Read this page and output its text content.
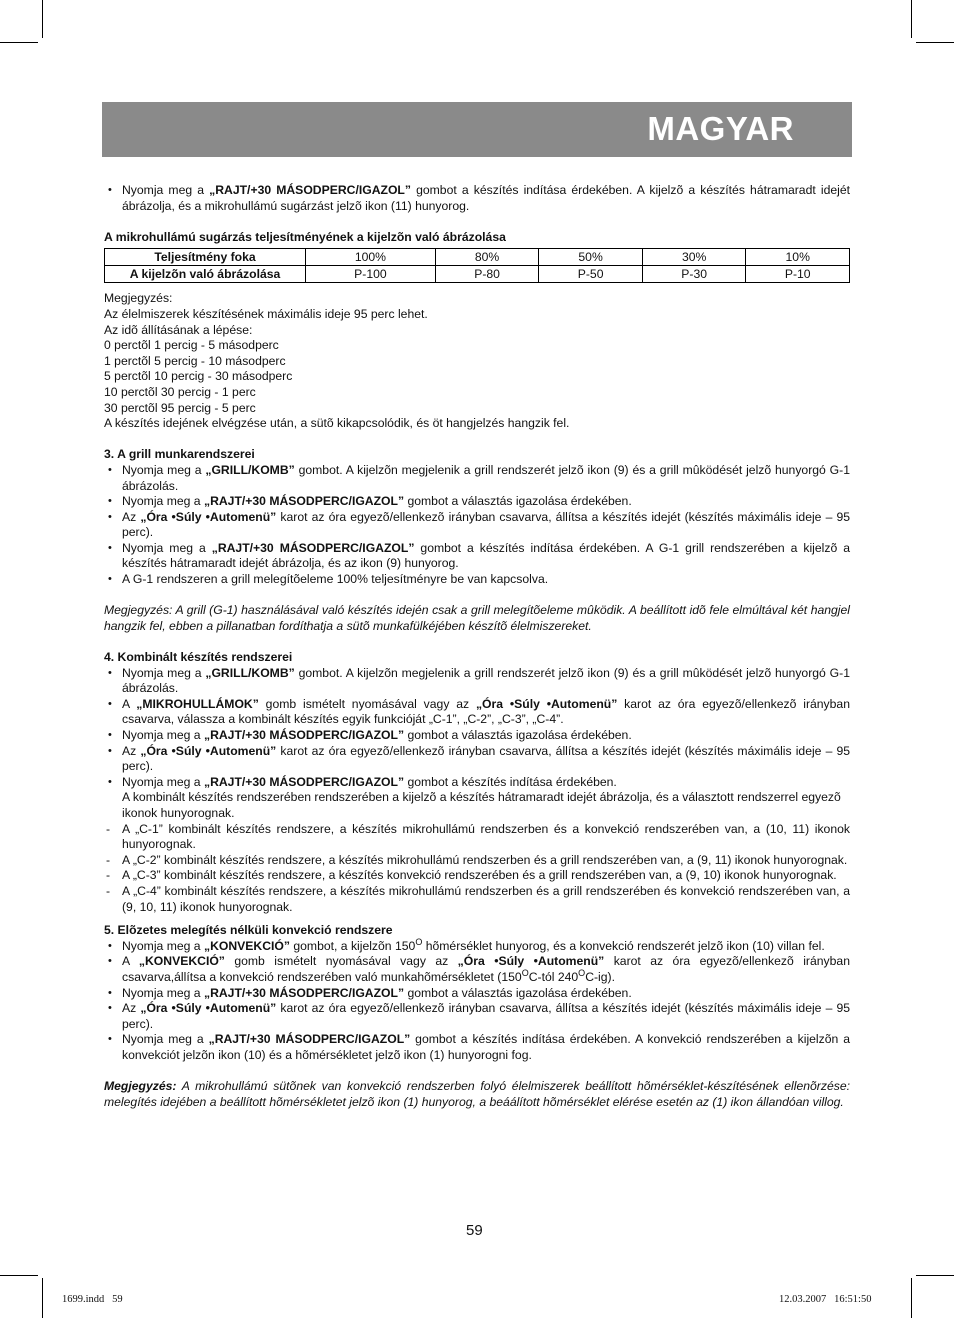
MAGYAR

• Nyomja meg a „RAJT/+30 MÁSODPERC/IGAZOL” gombot a készítés indítása érdekében. A kijelzõ a készítés hátramaradt idejét ábrázolja, és a mikrohullámú sugárzást jelzõ ikon (11) hunyorog.

A mikrohullámú sugárzás teljesítményének a kijelzõn való ábrázolása

Teljesítmény foka	100%	80%	50%	30%	10%
A kijelzõn való ábrázolása	P-100	P-80	P-50	P-30	P-10

Megjegyzés:

Az élelmiszerek készítésének máximális ideje 95 perc lehet.

Az idõ állításának a lépése:

0 perctõl 1 percig - 5 másodperc

1 perctõl 5 percig - 10 másodperc

5 perctõl 10 percig - 30 másodperc

10 perctõl 30 percig - 1 perc

30 perctõl 95 percig - 5 perc

A készítés idejének elvégzése után, a sütõ kikapcsolódik, és öt hangjelzés hangzik fel.

3. A grill munkarendszerei

• Nyomja meg a „GRILL/KOMB” gombot. A kijelzõn megjelenik a grill rendszerét jelzõ ikon (9) és a grill mûködését jelzõ hunyorgó G-1 ábrázolás.

• Nyomja meg a „RAJT/+30 MÁSODPERC/IGAZOL” gombot a választás igazolása érdekében.

• Az „Óra •Súly •Automenü” karot az óra egyezõ/ellenkezõ irányban csavarva, állítsa a készítés idejét (készítés máximális ideje – 95 perc).

• Nyomja meg a „RAJT/+30 MÁSODPERC/IGAZOL” gombot a készítés indítása érdekében. A G-1 grill rendszerében a kijelzõ a készítés hátramaradt idejét ábrázolja, és az ikon (9) hunyorog.

• A G-1 rendszeren a grill melegítõeleme 100% teljesítményre be van kapcsolva.

Megjegyzés: A grill (G-1) használásával való készítés idején csak a grill melegítõeleme mûködik. A beállított idõ fele elmúltával két hangjel hangzik fel, ebben a pillanatban fordíthatja a sütõ munkafülkéjében készítõ élelmiszereket.

4. Kombinált készítés rendszerei

• Nyomja meg a „GRILL/KOMB” gombot. A kijelzõn megjelenik a grill rendszerét jelzõ ikon (9) és a grill mûködését jelzõ hunyorgó G-1 ábrázolás.

• A „MIKROHULLÁMOK” gomb ismételt nyomásával vagy az „Óra •Súly •Automenü” karot az óra egyezõ/ellenkezõ irányban csavarva, válassza a kombinált készítés egyik funkcióját „C-1”, „C-2”, „C-3”, „C-4”.

• Nyomja meg a „RAJT/+30 MÁSODPERC/IGAZOL” gombot a választás igazolása érdekében.

• Az „Óra •Súly •Automenü” karot az óra egyezõ/ellenkezõ irányban csavarva, állítsa a készítés idejét (készítés máximális ideje – 95 perc).

• Nyomja meg a „RAJT/+30 MÁSODPERC/IGAZOL” gombot a készítés indítása érdekében.

A kombinált készítés rendszerében rendszerében a kijelzõ a készítés hátramaradt idejét ábrázolja, és a választott rendszerrel egyezõ ikonok hunyorognak.

- A „C-1” kombinált készítés rendszere, a készítés mikrohullámú rendszerben és a konvekció rendszerében van, a (10, 11) ikonok hunyorognak.

- A „C-2” kombinált készítés rendszere, a készítés mikrohullámú rendszerben és a grill rendszerében van, a (9, 11) ikonok hunyorognak.

- A „C-3” kombinált készítés rendszere, a készítés konvekció rendszerében és a grill rendszerében van, a (9, 10) ikonok hunyorognak.

- A „C-4” kombinált készítés rendszere, a készítés mikrohullámú rendszerben és a grill rendszerében és konvekció rendszerében van, a (9, 10, 11) ikonok hunyorognak.

5. Elõzetes melegítés nélküli konvekció rendszere

• Nyomja meg a „KONVEKCIÓ” gombot, a kijelzõn $150^O$ hõmérséklet hunyorog, és a konvekció rendszerét jelzõ ikon (10) villan fel.

• A „KONVEKCIÓ” gomb ismételt nyomásával vagy az „Óra •Súly •Automenü” karot az óra egyezõ/ellenkezõ irányban csavarva,állítsa a konvekció rendszerében való munkahõmérsékletet ($150^OC$-tól $240^OC-ig$).

• Nyomja meg a „RAJT/+30 MÁSODPERC/IGAZOL” gombot a választás igazolása érdekében.

• Az „Óra •Súly •Automenü” karot az óra egyezõ/ellenkezõ irányban csavarva, állítsa a készítés idejét (készítés máximális ideje – 95 perc).

• Nyomja meg a „RAJT/+30 MÁSODPERC/IGAZOL” gombot a készítés indítása érdekében. A konvekció rendszerében a kijelzõn a konvekciót jelzõn ikon (10) és a hõmérsékletet jelzõ ikon (1) hunyorogni fog.

Megjegyzés: A mikrohullámú sütõnek van konvekció rendszerben folyó élelmiszerek beállított hõmérséklet-készítésének ellenõrzése: melegítés idejében a beállított hõmérsékletet jelzõ ikon (1) hunyorog, a beáálított hõmérséklet elérése esetén az (1) ikon állandóan villog.

59
1699.indd   59	12.03.2007   16:51:50
